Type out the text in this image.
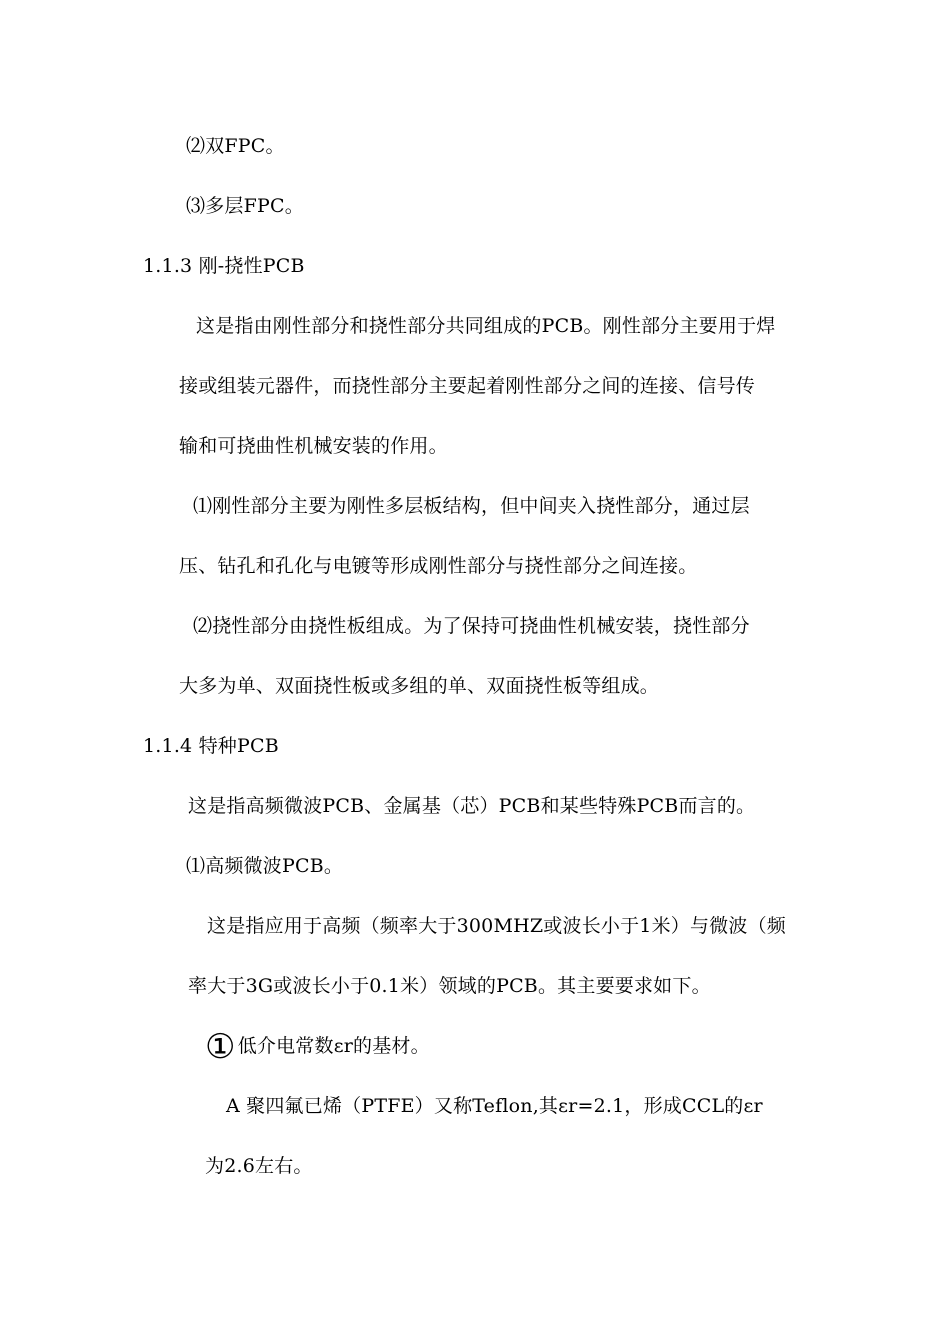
⑵双FPC。
⑶多层FPC。
1.1.3 刚-挠性PCB
这是指由刚性部分和挠性部分共同组成的PCB。刚性部分主要用于焊
接或组装元器件，而挠性部分主要起着刚性部分之间的连接、信号传
输和可挠曲性机械安装的作用。
⑴刚性部分主要为刚性多层板结构，但中间夹入挠性部分，通过层
压、钻孔和孔化与电镀等形成刚性部分与挠性部分之间连接。
⑵挠性部分由挠性板组成。为了保持可挠曲性机械安装，挠性部分
大多为单、双面挠性板或多组的单、双面挠性板等组成。
1.1.4 特种PCB
这是指高频微波PCB、金属基（芯）PCB和某些特殊PCB而言的。
⑴高频微波PCB。
这是指应用于高频（频率大于300MHZ或波长小于1米）与微波（频
率大于3G或波长小于0.1米）领域的PCB。其主要要求如下。
① 低介电常数εr的基材。
A 聚四氟已烯（PTFE）又称Teflon,其εr=2.1，形成CCL的εr
为2.6左右。
